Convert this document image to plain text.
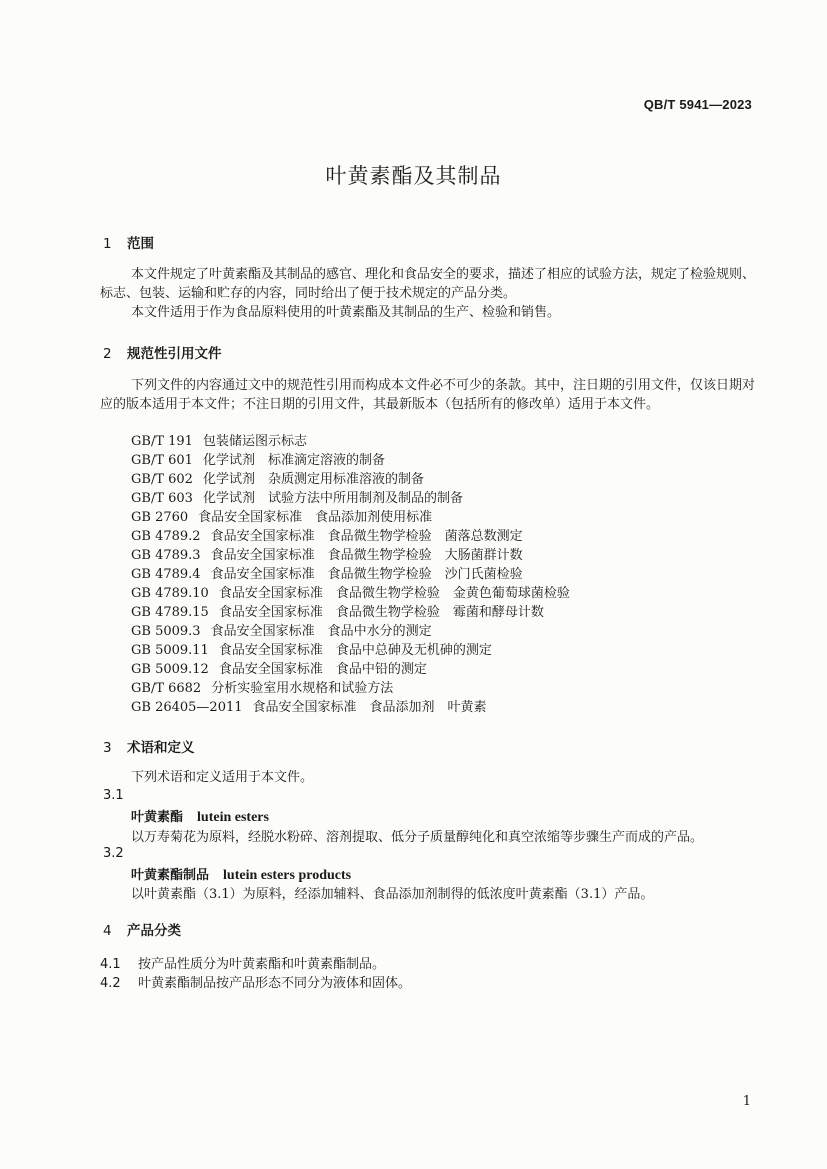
QB/T 5941—2023
叶黄素酯及其制品
1 范围

本文件规定了叶黄素酯及其制品的感官、理化和食品安全的要求，描述了相应的试验方法，规定了检验规则、标志、包装、运输和贮存的内容，同时给出了便于技术规定的产品分类。

本文件适用于作为食品原料使用的叶黄素酯及其制品的生产、检验和销售。

2 规范性引用文件

下列文件的内容通过文中的规范性引用而构成本文件必不可少的条款。其中，注日期的引用文件，仅该日期对应的版本适用于本文件；不注日期的引用文件，其最新版本（包括所有的修改单）适用于本文件。

GB/T 191 包装储运图示标志
GB/T 601 化学试剂　标准滴定溶液的制备
GB/T 602 化学试剂　杂质测定用标准溶液的制备
GB/T 603 化学试剂　试验方法中所用制剂及制品的制备
GB 2760 食品安全国家标准　食品添加剂使用标准
GB 4789.2 食品安全国家标准　食品微生物学检验　菌落总数测定
GB 4789.3 食品安全国家标准　食品微生物学检验　大肠菌群计数
GB 4789.4 食品安全国家标准　食品微生物学检验　沙门氏菌检验
GB 4789.10 食品安全国家标准　食品微生物学检验　金黄色葡萄球菌检验
GB 4789.15 食品安全国家标准　食品微生物学检验　霉菌和酵母计数
GB 5009.3 食品安全国家标准　食品中水分的测定
GB 5009.11 食品安全国家标准　食品中总砷及无机砷的测定
GB 5009.12 食品安全国家标准　食品中铅的测定
GB/T 6682 分析实验室用水规格和试验方法
GB 26405—2011 食品安全国家标准　食品添加剂　叶黄素
3 术语和定义

下列术语和定义适用于本文件。

3.1
叶黄素酯 lutein esters
以万寿菊花为原料，经脱水粉碎、溶剂提取、低分子质量醇纯化和真空浓缩等步骤生产而成的产品。
3.2
叶黄素酯制品 lutein esters products
以叶黄素酯（3.1）为原料，经添加辅料、食品添加剂制得的低浓度叶黄素酯（3.1）产品。
4 产品分类
4.1 按产品性质分为叶黄素酯和叶黄素酯制品。
4.2 叶黄素酯制品按产品形态不同分为液体和固体。
1
